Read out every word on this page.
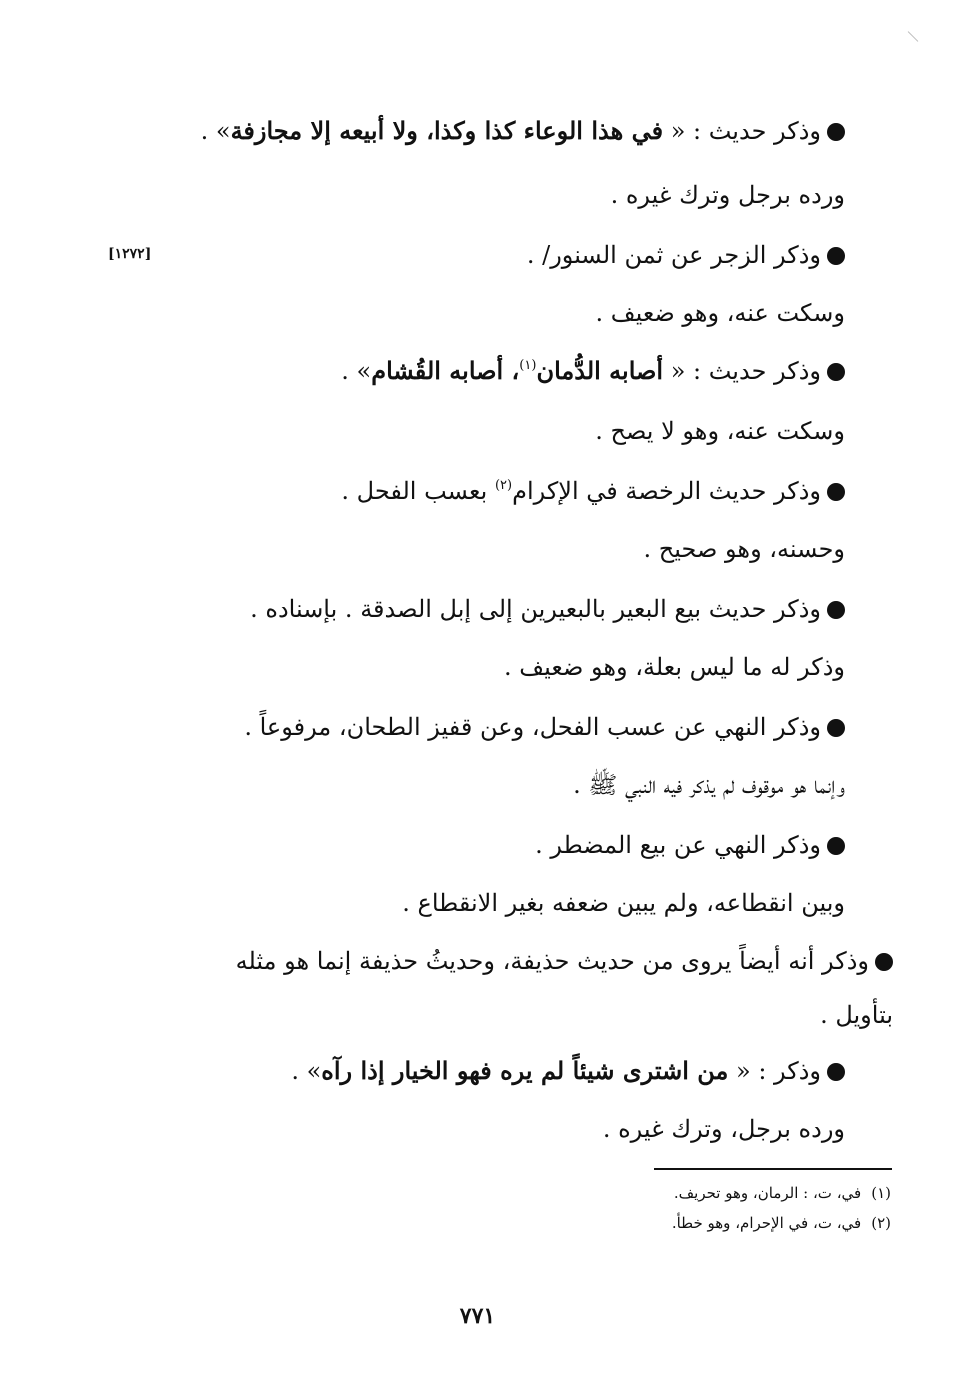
وذكر حديث : « في هذا الوعاء كذا وكذا، ولا أبيعه إلا مجازفة» .
ورده برجل وترك غيره .
وذكر الزجر عن ثمن السنور/ .
[١٢٧٢]
وسكت عنه، وهو ضعيف .
وذكر حديث : « أصابه الدُّمان$^{(١)}$، أصابه القُشام» .
وسكت عنه، وهو لا يصح .
وذكر حديث الرخصة في الإكرام$^{(٢)}$ بعسب الفحل .
وحسنه، وهو صحيح .
وذكر حديث بيع البعير بالبعيرين إلى إبل الصدقة . بإسناده .
وذكر له ما ليس بعلة، وهو ضعيف .
وذكر النهي عن عسب الفحل، وعن قفيز الطحان، مرفوعاً .
وإنما هو موقوف لم يذكر فيه النبي ﷺ .
وذكر النهي عن بيع المضطر .
وبين انقطاعه، ولم يبين ضعفه بغير الانقطاع .
وذكر أنه أيضاً يروى من حديث حذيفة، وحديثُ حذيفة إنما هو مثله
بتأويل .
وذكر : « من اشترى شيئاً لم يره فهو الخيار إذا رآه» .
ورده برجل، وترك غيره .
(١)في، ت، : الرمان، وهو تحريف.
(٢)في، ت، في الإحرام، وهو خطأ.
٧٧١
